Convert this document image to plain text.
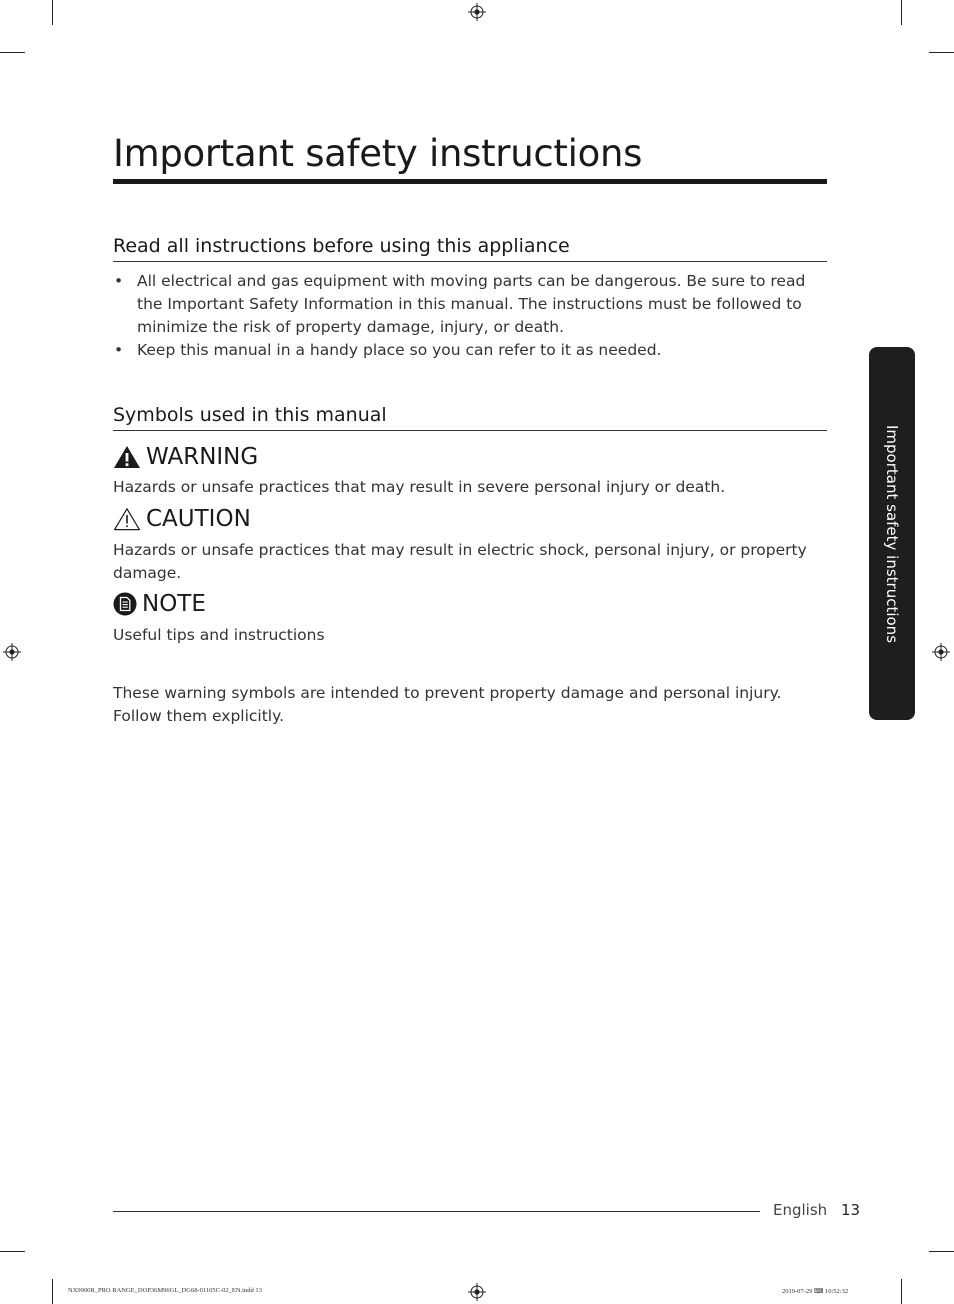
Important safety instructions
Read all instructions before using this appliance
• All electrical and gas equipment with moving parts can be dangerous. Be sure to read the Important Safety Information in this manual. The instructions must be followed to minimize the risk of property damage, injury, or death.
• Keep this manual in a handy place so you can refer to it as needed.
Symbols used in this manual
WARNING
Hazards or unsafe practices that may result in severe personal injury or death.
CAUTION
Hazards or unsafe practices that may result in electric shock, personal injury, or property damage.
NOTE
Useful tips and instructions
These warning symbols are intended to prevent property damage and personal injury. Follow them explicitly.
Important safety instructions
English 13
NX9900R_PRO RANGE_DOP36M96GL_DG68-01105C-02_EN.indd 13	2019-07-29 ⌨ 10:52:32
